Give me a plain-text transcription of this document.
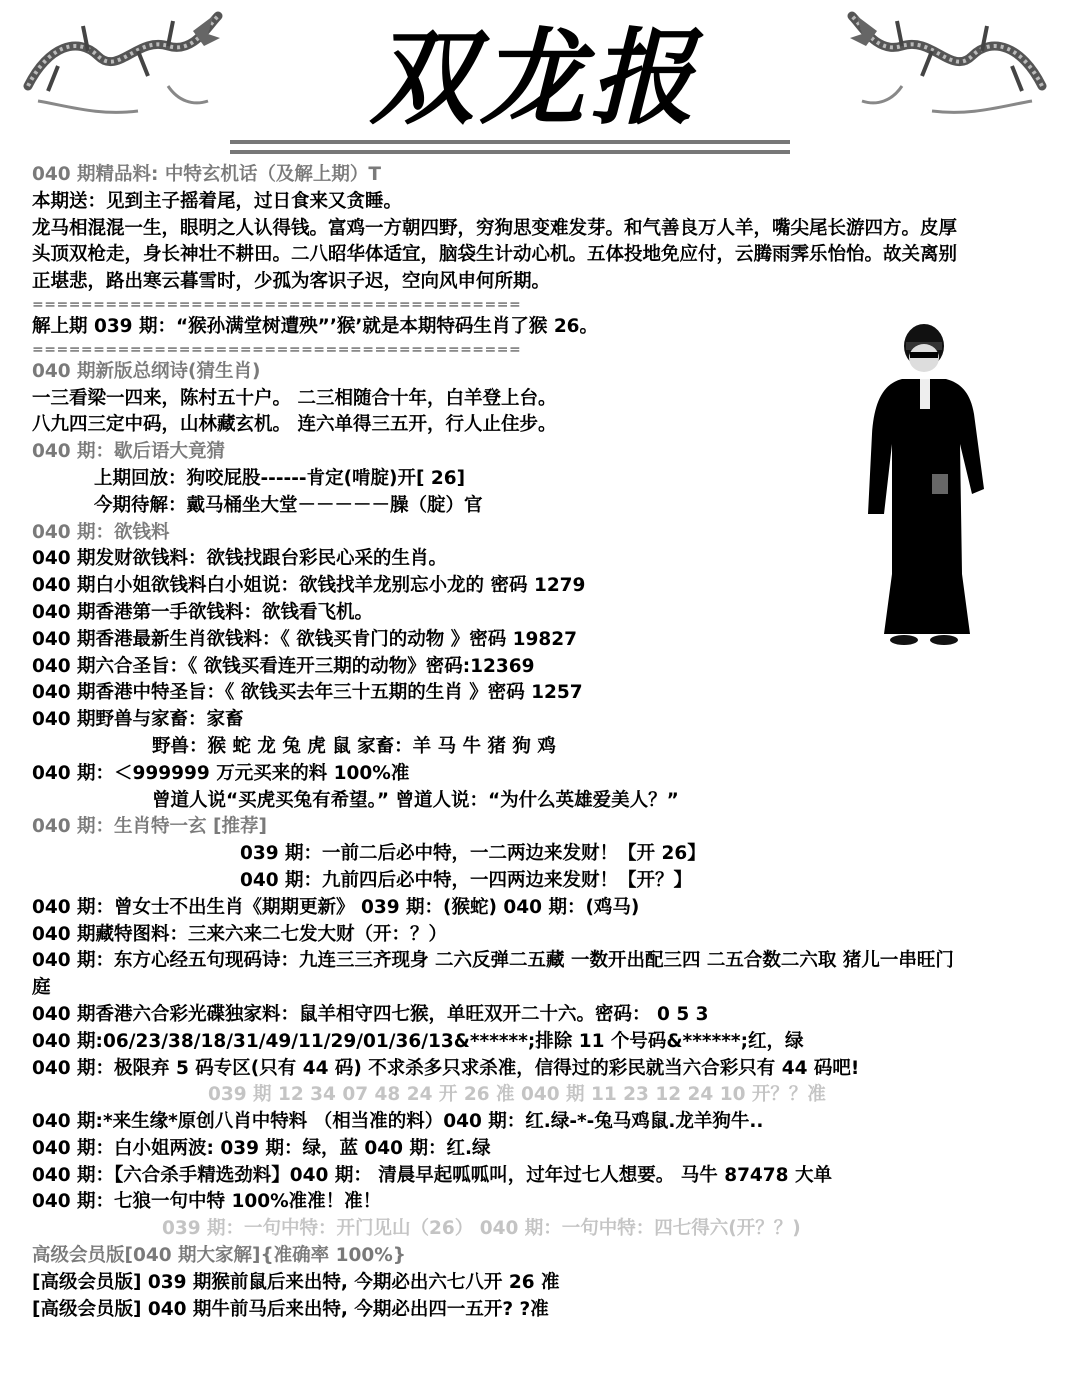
双龙报
040 期精品料: 中特玄机话（及解上期）T
本期送：见到主子摇着尾，过日食来又贪睡。
龙马相混混一生，眼明之人认得钱。富鸡一方朝四野，穷狗思变难发芽。和气善良万人羊，嘴尖尾长游四方。皮厚头顶双枪走，身长神壮不耕田。二八昭华体适宜，脑袋生计动心机。五体投地免应付，云腾雨霁乐怡怡。故关离别正堪悲，路出寒云暮雪时，少孤为客识子迟，空向风申何所期。
========================================
解上期 039 期：“猴孙满堂树遭殃”’猴’就是本期特码生肖了猴 26。
========================================
040 期新版总纲诗(猜生肖)
一三看梁一四来，陈村五十户。 二三相随合十年，白羊登上台。
八九四三定中码，山林藏玄机。 连六单得三五开，行人止住步。
040 期：歇后语大竟猜
上期回放：狗咬屁股------肯定(啃腚)开[ 26]
今期待解：戴马桶坐大堂－－－－－臊（腚）官
040 期：欲钱料
040 期发财欲钱料：欲钱找跟台彩民心采的生肖。
040 期白小姐欲钱料白小姐说：欲钱找羊龙别忘小龙的 密码 1279
040 期香港第一手欲钱料：欲钱看飞机。
040 期香港最新生肖欲钱料：《 欲钱买肯门的动物 》密码 19827
040 期六合圣旨：《 欲钱买看连开三期的动物》密码:12369
040 期香港中特圣旨：《 欲钱买去年三十五期的生肖 》密码 1257
040 期野兽与家畜：家畜
野兽：猴 蛇 龙 兔 虎 鼠 家畜：羊 马 牛 猪 狗 鸡
040 期：＜999999 万元买来的料 100%准
曾道人说“买虎买兔有希望。” 曾道人说：“为什么英雄爱美人？”
040 期：生肖特一玄 [推荐]
039 期：一前二后必中特，一二两边来发财！【开 26】
040 期：九前四后必中特，一四两边来发财！【开？】
040 期：曾女士不出生肖《期期更新》 039 期：(猴蛇) 040 期：(鸡马)
040 期藏特图料：三来六来二七发大财（开：？）
040 期：东方心经五句现码诗：九连三三齐现身 二六反弹二五藏 一数开出配三四 二五合数二六取 猪儿一串旺门庭
040 期香港六合彩光碟独家料：鼠羊相守四七猴，单旺双开二十六。密码： 0 5 3
040 期:06/23/38/18/31/49/11/29/01/36/13&******;排除 11 个号码&******;红，绿
040 期：极限弃 5 码专区(只有 44 码) 不求杀多只求杀准，信得过的彩民就当六合彩只有 44 码吧!
039 期 12 34 07 48 24 开 26 准 040 期 11 23 12 24 10 开？？准
040 期:*来生缘*原创八肖中特料 （相当准的料）040 期：红.绿-*-兔马鸡鼠.龙羊狗牛..
040 期：白小姐两波: 039 期：绿，蓝 040 期：红.绿
040 期：【六合杀手精选劲料】040 期： 清晨早起呱呱叫，过年过七人想要。 马牛 87478 大单
040 期：七狼一句中特 100%准准！准！
039 期：一句中特：开门见山（26） 040 期：一句中特：四七得六(开？？)
高级会员版[040 期大家解]{准确率 100%}
[高级会员版] 039 期猴前鼠后来出特, 今期必出六七八开 26 准
[高级会员版] 040 期牛前马后来出特, 今期必出四一五开? ?准
